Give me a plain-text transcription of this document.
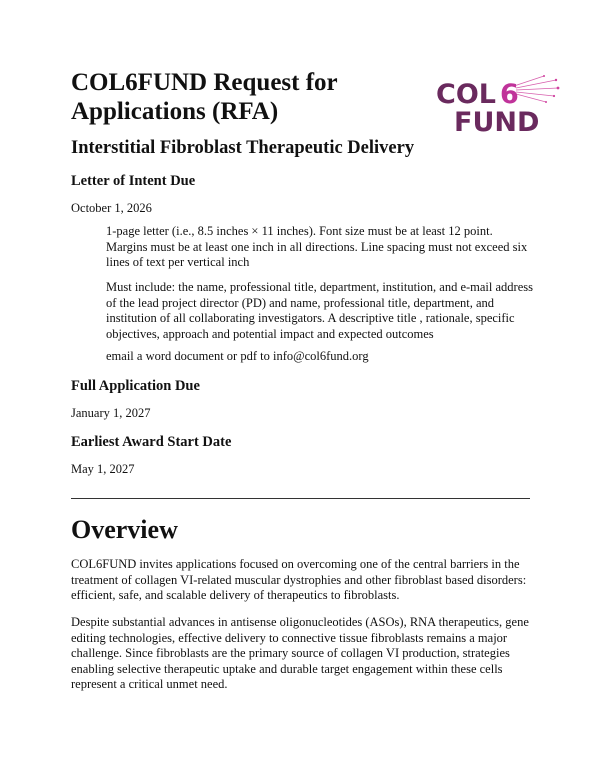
COL6FUND Request for Applications (RFA)
COL 6
FUND
Interstitial Fibroblast Therapeutic Delivery
Letter of Intent Due

October 1, 2026

1-page letter (i.e., 8.5 inches × 11 inches). Font size must be at least 12 point. Margins must be at least one inch in all directions. Line spacing must not exceed six lines of text per vertical inch

Must include: the name, professional title, department, institution, and e-mail address of the lead project director (PD) and name, professional title, department, and institution of all collaborating investigators. A descriptive title , rationale, specific objectives, approach and potential impact and expected outcomes

email a word document or pdf to info@col6fund.org

Full Application Due

January 1, 2027

Earliest Award Start Date

May 1, 2027

Overview

COL6FUND invites applications focused on overcoming one of the central barriers in the treatment of collagen VI-related muscular dystrophies and other fibroblast based disorders: efficient, safe, and scalable delivery of therapeutics to fibroblasts.

Despite substantial advances in antisense oligonucleotides (ASOs), RNA therapeutics, gene editing technologies, effective delivery to connective tissue fibroblasts remains a major challenge. Since fibroblasts are the primary source of collagen VI production, strategies enabling selective therapeutic uptake and durable target engagement within these cells represent a critical unmet need.
